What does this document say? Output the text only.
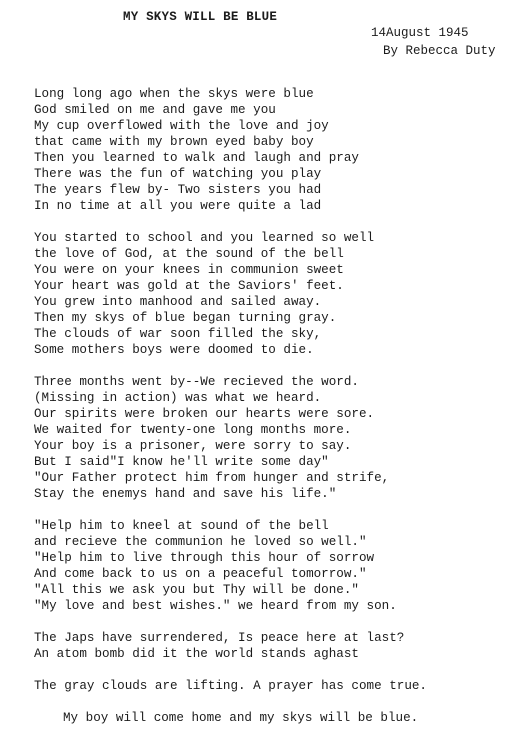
MY SKYS WILL BE BLUE
14August 1945
By Rebecca Duty
Long long ago when the skys were blue
God smiled on me and gave me you
My cup overflowed with the love and joy
that came with my brown eyed baby boy
Then you learned to walk and laugh and pray
There was the fun of watching you play
The years flew by- Two sisters you had
In no time at all you were quite a lad
You started to school and you learned so well
the love of God, at the sound of the bell
You were on your knees in communion sweet
Your heart was gold at the Saviors' feet.
You grew into manhood and sailed away.
Then my skys of blue began turning gray.
The clouds of war soon filled the sky,
Some mothers boys were doomed to die.
Three months went by--We recieved the word.
(Missing in action) was what we heard.
Our spirits were broken our hearts were sore.
We waited for twenty-one long months more.
Your boy is a prisoner, were sorry to say.
But I said"I know he'll write some day"
"Our Father protect him from hunger and strife,
Stay the enemys hand and save his life."
"Help him to kneel at sound of the bell
and recieve the communion he loved so well."
"Help him to live through this hour of sorrow
And come back to us on a peaceful tomorrow."
"All this we ask you but Thy will be done."
"My love and best wishes." we heard from my son.
The Japs have surrendered, Is peace here at last?
An atom bomb did it the world stands aghast
The gray clouds are lifting. A prayer has come true.
My boy will come home and my skys will be blue.
